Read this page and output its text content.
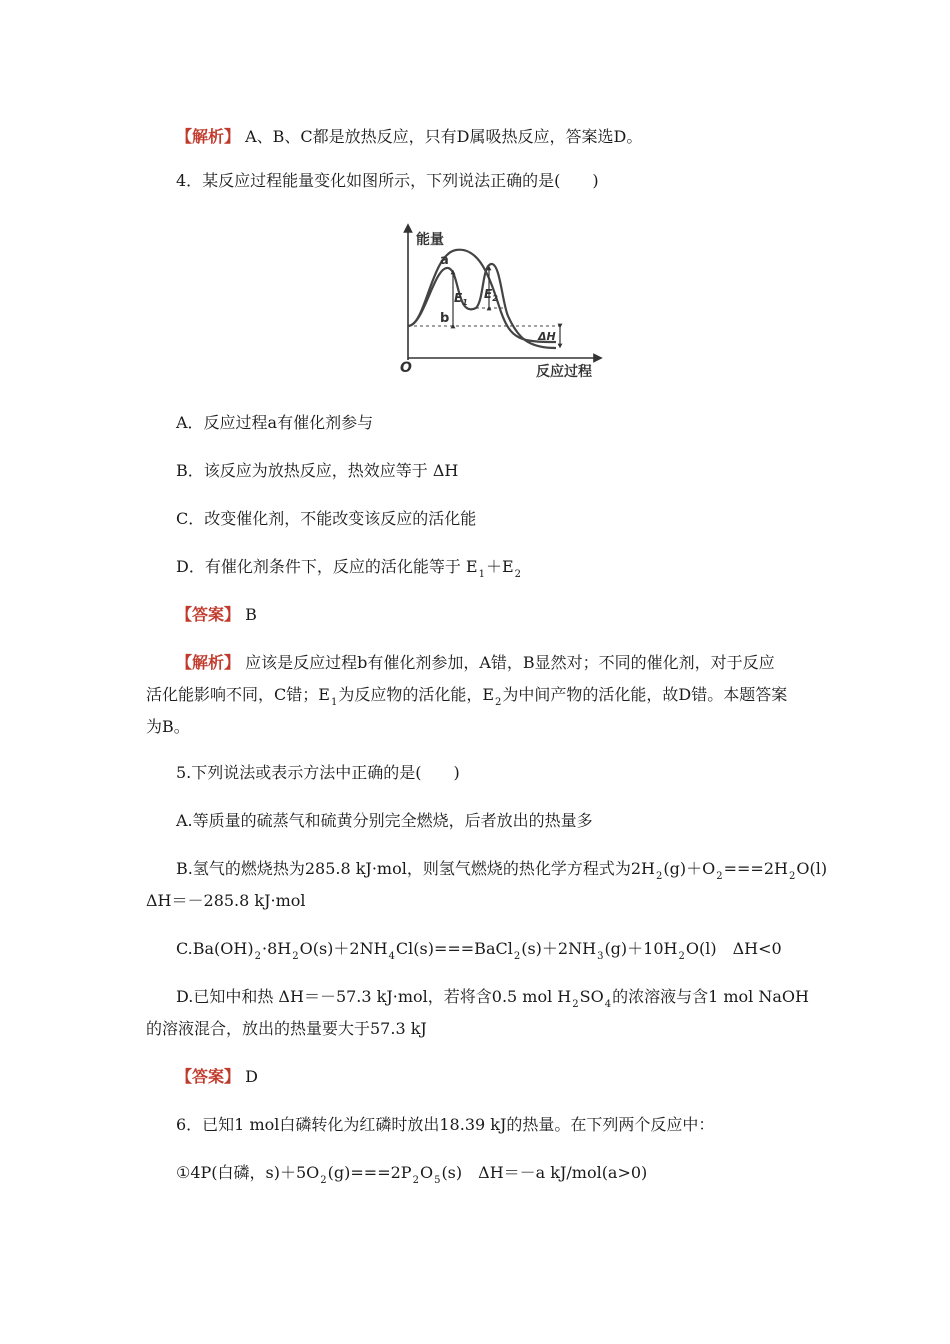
【解析】 A、B、C都是放热反应，只有D属吸热反应，答案选D。
4．某反应过程能量变化如图所示，下列说法正确的是(　　)
能量
反应过程
O
a
b
$E_1$
$E_2$
ΔH
A．反应过程a有催化剂参与
B．该反应为放热反应，热效应等于 ΔH
C．改变催化剂，不能改变该反应的活化能
D．有催化剂条件下，反应的活化能等于 $E_1+E_2$
【答案】 B
【解析】 应该是反应过程b有催化剂参加，A错，B显然对；不同的催化剂，对于反应
活化能影响不同，C错；$E_1$为反应物的活化能，$E_2$为中间产物的活化能，故D错。本题答案
为B。
5.下列说法或表示方法中正确的是(　　)
A.等质量的硫蒸气和硫黄分别完全燃烧，后者放出的热量多
B.氢气的燃烧热为285.8 kJ·mol，则氢气燃烧的热化学方程式为$2H_2(g)+O_2===2H_2O(l)$
ΔH＝－285.8 kJ·mol
$C.Ba(OH)_2\cdot 8H_2O(s)+2NH_4Cl(s)===BaCl_2(s)+2NH_3(g)+10H_2O(l)$　ΔH<0
D.已知中和热 ΔH＝－57.3 kJ·mol，若将含0.5 mol $H_2SO_4$的浓溶液与含1 mol NaOH
的溶液混合，放出的热量要大于57.3 kJ
【答案】 D
6．已知1 mol白磷转化为红磷时放出18.39 kJ的热量。在下列两个反应中：
①4P(白磷，$s)+5O_2(g)===2P_2O_5(s)$　ΔH＝－a kJ/mol(a>0)
